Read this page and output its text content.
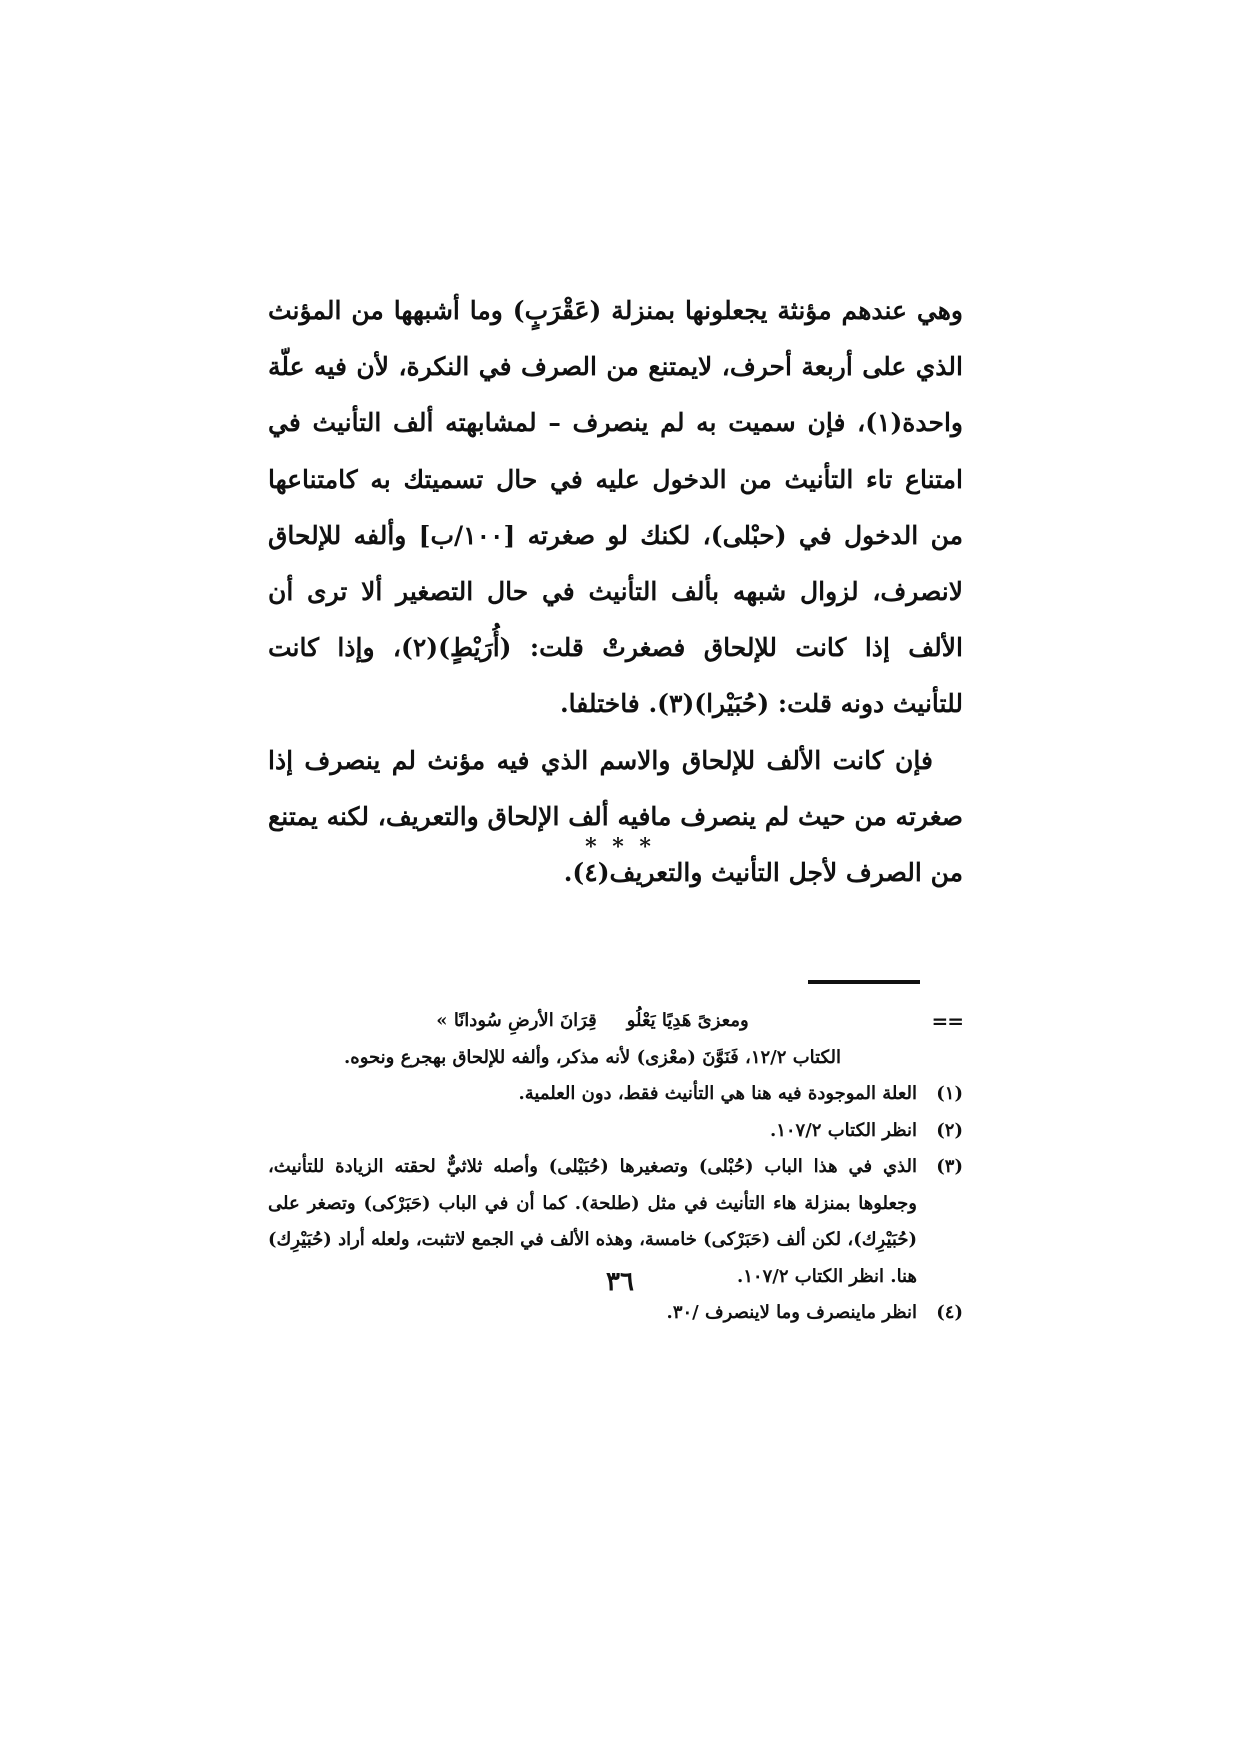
وهي عندهم مؤنثة يجعلونها بمنزلة (عَقْرَبٍ) وما أشبهها من المؤنث الذي على أربعة أحرف، لايمتنع من الصرف في النكرة، لأن فيه علّة واحدة(١)، فإن سميت به لم ينصرف – لمشابهته ألف التأنيث في امتناع تاء التأنيث من الدخول عليه في حال تسميتك به كامتناعها من الدخول في (حبْلى)، لكنك لو صغرته [١٠٠/ب] وألفه للإلحاق لانصرف، لزوال شبهه بألف التأنيث في حال التصغير ألا ترى أن الألف إذا كانت للإلحاق فصغرتْ قلت: (أُرَيْطٍ)(٢)، وإذا كانت للتأنيث دونه قلت: (حُبَيْرا)(٣). فاختلفا.

فإن كانت الألف للإلحاق والاسم الذي فيه مؤنث لم ينصرف إذا صغرته من حيث لم ينصرف مافيه ألف الإلحاق والتعريف، لكنه يمتنع من الصرف لأجل التأنيث والتعريف(٤).

* * *
==
ومعزىً هَدِيًا يَعْلُوقِرَانَ الأرضِ سُودانًا »
الكتاب ١٢/٢، فَنَوَّنَ (معْزى) لأنه مذكر، وألفه للإلحاق بهجرع ونحوه.
(١)
العلة الموجودة فيه هنا هي التأنيث فقط، دون العلمية.
(٢)
انظر الكتاب ١٠٧/٢.
(٣)
الذي في هذا الباب (حُبْلى) وتصغيرها (حُبَيْلى) وأصله ثلاثيٌّ لحقته الزيادة للتأنيث، وجعلوها بمنزلة هاء التأنيث في مثل (طلحة). كما أن في الباب (حَبَرْكى) وتصغر على (حُبَيْرِك)، لكن ألف (حَبَرْكى) خامسة، وهذه الألف في الجمع لاتثبت، ولعله أراد (حُبَيْرِك) هنا. انظر الكتاب ١٠٧/٢.
(٤)
انظر ماينصرف وما لاينصرف /٣٠.
٣٦
